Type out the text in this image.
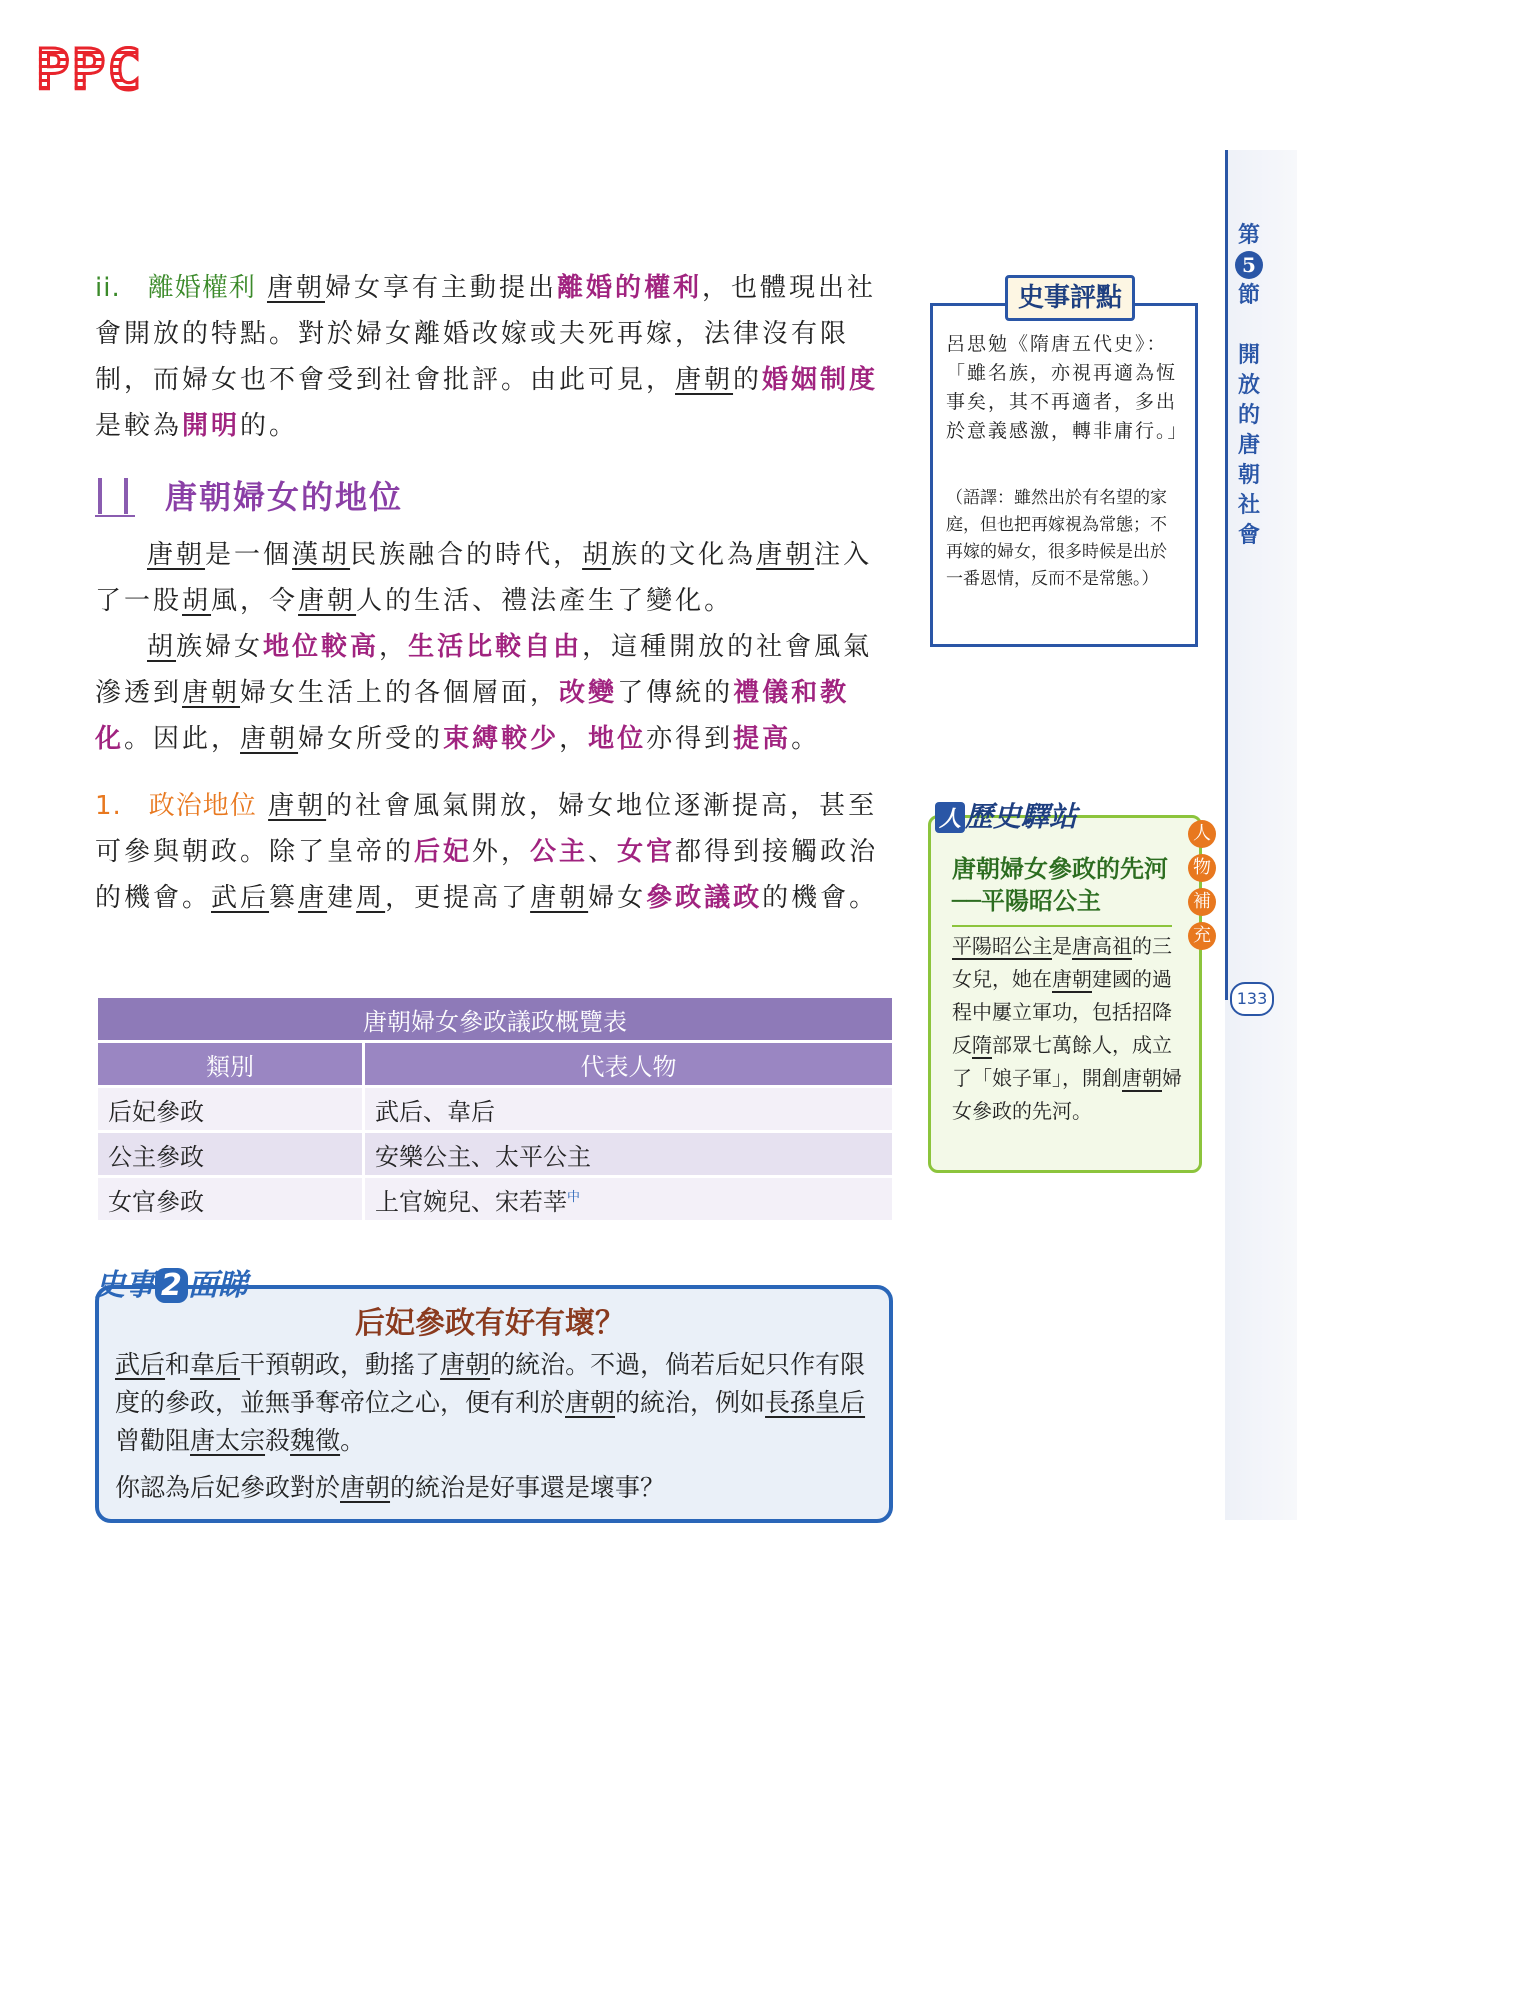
PPC
第
5
節
開放的唐朝社會
133
ii.　離婚權利 唐朝婦女享有主動提出離婚的權利，也體現出社會開放的特點。對於婦女離婚改嫁或夫死再嫁，法律沒有限制，而婦女也不會受到社會批評。由此可見，唐朝的婚姻制度是較為開明的。
唐朝婦女的地位
唐朝是一個漢胡民族融合的時代，胡族的文化為唐朝注入了一股胡風，令唐朝人的生活、禮法產生了變化。
胡族婦女地位較高，生活比較自由，這種開放的社會風氣滲透到唐朝婦女生活上的各個層面，改變了傳統的禮儀和教化。因此，唐朝婦女所受的束縛較少，地位亦得到提高。
1.　政治地位 唐朝的社會風氣開放，婦女地位逐漸提高，甚至可參與朝政。除了皇帝的后妃外，公主、女官都得到接觸政治的機會。武后篡唐建周，更提高了唐朝婦女參政議政的機會。
唐朝婦女參政議政概覽表	
類別	代表人物
后妃參政	武后、韋后
公主參政	安樂公主、太平公主
女官參政	上官婉兒、宋若莘$^中$
史事 2 面睇
后妃參政有好有壞？
武后和韋后干預朝政，動搖了唐朝的統治。不過，倘若后妃只作有限度的參政，並無爭奪帝位之心，便有利於唐朝的統治，例如長孫皇后曾勸阻唐太宗殺魏徵。
你認為后妃參政對於唐朝的統治是好事還是壞事？
史事評點
呂思勉《隋唐五代史》：「雖名族，亦視再適為恆事矣，其不再適者，多出於意義感激，轉非庸行。」
（語譯：雖然出於有名望的家庭，但也把再嫁視為常態；不再嫁的婦女，很多時候是出於一番恩情，反而不是常態。）
人 歷史驛站
人
物
補
充
唐朝婦女參政的先河──平陽昭公主
平陽昭公主是唐高祖的三女兒，她在唐朝建國的過程中屢立軍功，包括招降反隋部眾七萬餘人，成立了「娘子軍」，開創唐朝婦女參政的先河。
